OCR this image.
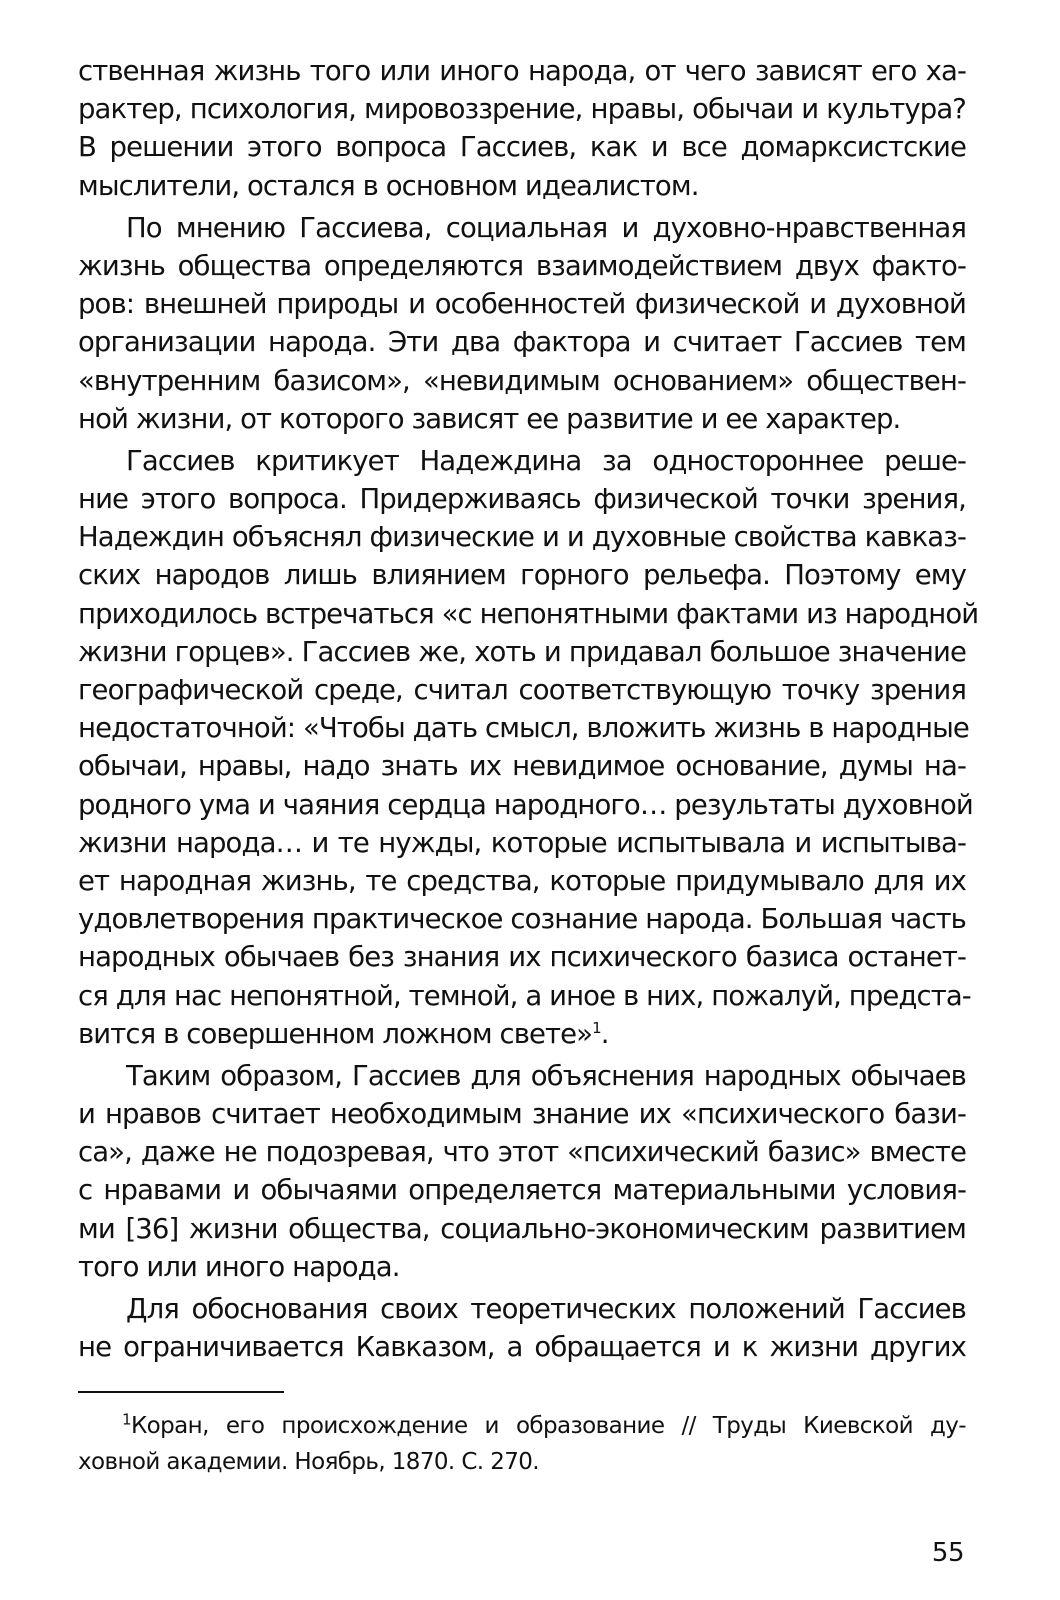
ственная жизнь того или иного народа, от чего зависят его ха-
рактер, психология, мировоззрение, нравы, обычаи и культура?
В решении этого вопроса Гассиев, как и все домарксистские
мыслители, остался в основном идеалистом.
По мнению Гассиева, социальная и духовно-нравственная
жизнь общества определяются взаимодействием двух факто-
ров: внешней природы и особенностей физической и духовной
организации народа. Эти два фактора и считает Гассиев тем
«внутренним базисом», «невидимым основанием» обществен-
ной жизни, от которого зависят ее развитие и ее характер.
Гассиев критикует Надеждина за одностороннее реше-
ние этого вопроса. Придерживаясь физической точки зрения,
Надеждин объяснял физические и и духовные свойства кавказ-
ских народов лишь влиянием горного рельефа. Поэтому ему
приходилось встречаться «с непонятными фактами из народной
жизни горцев». Гассиев же, хоть и придавал большое значение
географической среде, считал соответствующую точку зрения
недостаточной: «Чтобы дать смысл, вложить жизнь в народные
обычаи, нравы, надо знать их невидимое основание, думы на-
родного ума и чаяния сердца народного… результаты духовной
жизни народа… и те нужды, которые испытывала и испытыва-
ет народная жизнь, те средства, которые придумывало для их
удовлетворения практическое сознание народа. Большая часть
народных обычаев без знания их психического базиса останет-
ся для нас непонятной, темной, а иное в них, пожалуй, предста-
вится в совершенном ложном свете»$^1$.
Таким образом, Гассиев для объяснения народных обычаев
и нравов считает необходимым знание их «психического бази-
са», даже не подозревая, что этот «психический базис» вместе
с нравами и обычаями определяется материальными условия-
ми [36] жизни общества, социально-экономическим развитием
того или иного народа.
Для обоснования своих теоретических положений Гассиев
не ограничивается Кавказом, а обращается и к жизни других
$^1$Коран, его происхождение и образование // Труды Киевской ду-
ховной академии. Ноябрь, 1870. С. 270.
55
